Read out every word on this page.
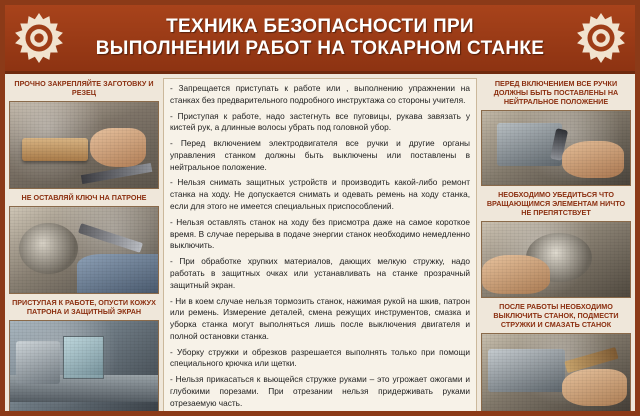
ТЕХНИКА БЕЗОПАСНОСТИ ПРИ
ВЫПОЛНЕНИИ РАБОТ НА ТОКАРНОМ СТАНКЕ
ПРОЧНО ЗАКРЕПЛЯЙТЕ ЗАГОТОВКУ И РЕЗЕЦ
НЕ ОСТАВЛЯЙ КЛЮЧ НА ПАТРОНЕ
ПРИСТУПАЯ К РАБОТЕ, ОПУСТИ КОЖУХ ПАТРОНА И ЗАЩИТНЫЙ ЭКРАН

- Запрещается приступать к работе или , выполнению упражнении на станках без предварительного подробного инструктажа со стороны учителя.

- Приступая к работе, надо застегнуть все пуговицы, рукава завязать у кистей рук, а длинные волосы убрать под головной убор.

- Перед включением электродвигателя все ручки и другие органы управления станком должны быть выключены или поставлены в нейтральное положение.

- Нельзя снимать защитных устройств и производить какой-либо ремонт станка на ходу. Не допускается снимать и одевать ремень на ходу станка, если для этого не имеется специальных приспособлений.

- Нельзя оставлять станок на ходу без присмотра даже на самое короткое время. В случае перерыва в подаче энергии станок необходимо немедленно выключить.

- При обработке хрупких материалов, дающих мелкую стружку, надо работать в защитных очках или устанавливать на станке прозрачный защитный экран.

- Ни в коем случае нельзя тормозить станок, нажимая рукой на шкив, патрон или ремень. Измерение деталей, смена режущих инструментов, смазка и уборка станка могут выполняться лишь после выключения двигателя и полной остановки станка.

- Уборку стружки и обрезков разрешается выполнять только при помощи специального крючка или щетки.

- Нельзя прикасаться к вьющейся стружке руками – это угрожает ожогами и глубокими порезами. При отрезании нельзя придерживать руками отрезаемую часть.

ПЕРЕД ВКЛЮЧЕНИЕМ ВСЕ РУЧКИ ДОЛЖНЫ БЫТЬ ПОСТАВЛЕНЫ НА НЕЙТРАЛЬНОЕ ПОЛОЖЕНИЕ
НЕОБХОДИМО УБЕДИТЬСЯ ЧТО ВРАЩАЮЩИМСЯ ЭЛЕМЕНТАМ НИЧТО НЕ ПРЕПЯТСТВУЕТ
ПОСЛЕ РАБОТЫ НЕОБХОДИМО ВЫКЛЮЧИТЬ СТАНОК, ПОДМЕСТИ СТРУЖКИ И СМАЗАТЬ СТАНОК
